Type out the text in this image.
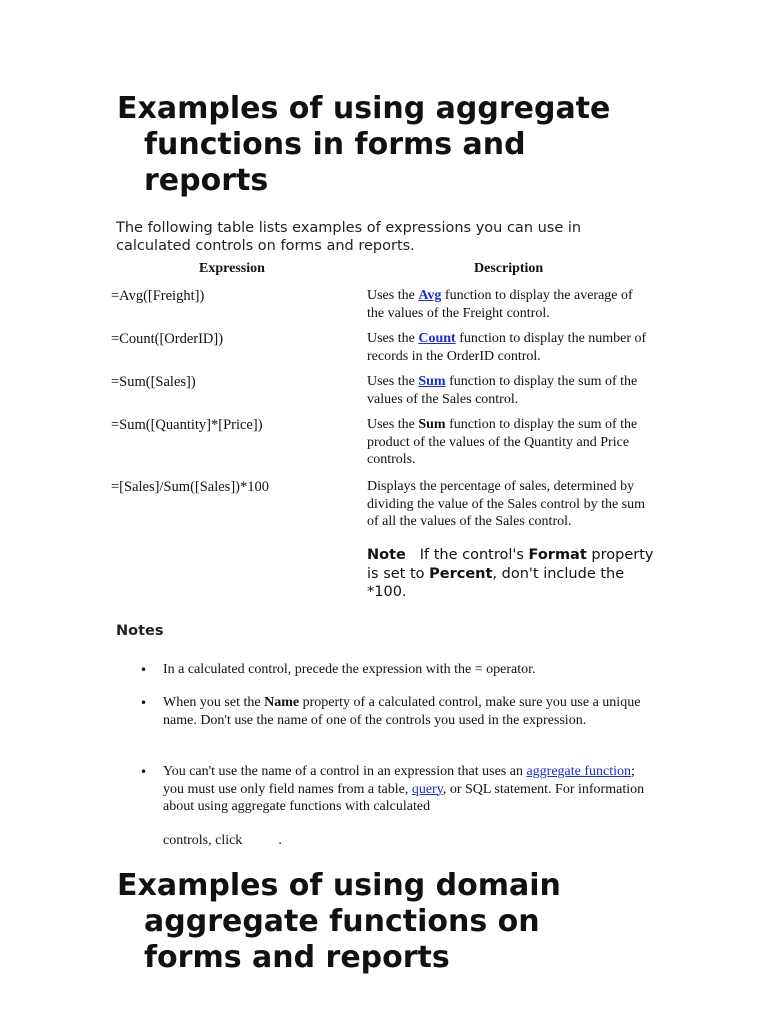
Examples of using aggregate
functions in forms and
reports
The following table lists examples of expressions you can use in calculated controls on forms and reports.
Expression	Description
=Avg([Freight])	Uses the Avg function to display the average of the values of the Freight control.
=Count([OrderID])	Uses the Count function to display the number of records in the OrderID control.
=Sum([Sales])	Uses the Sum function to display the sum of the values of the Sales control.
=Sum([Quantity]*[Price])	Uses the Sum function to display the sum of the product of the values of the Quantity and Price controls.
=[Sales]/Sum([Sales])*100	Displays the percentage of sales, determined by dividing the value of the Sales control by the sum of all the values of the Sales control.
Note If the control's Format property is set to Percent, don't include the *100.
Notes
• In a calculated control, precede the expression with the = operator.
• When you set the Name property of a calculated control, make sure you use a unique name. Don't use the name of one of the controls you used in the expression.
• You can't use the name of a control in an expression that uses an aggregate function; you must use only field names from a table, query, or SQL statement. For information about using aggregate functions with calculated
controls, click	.
Examples of using domain
aggregate functions on
forms and reports
